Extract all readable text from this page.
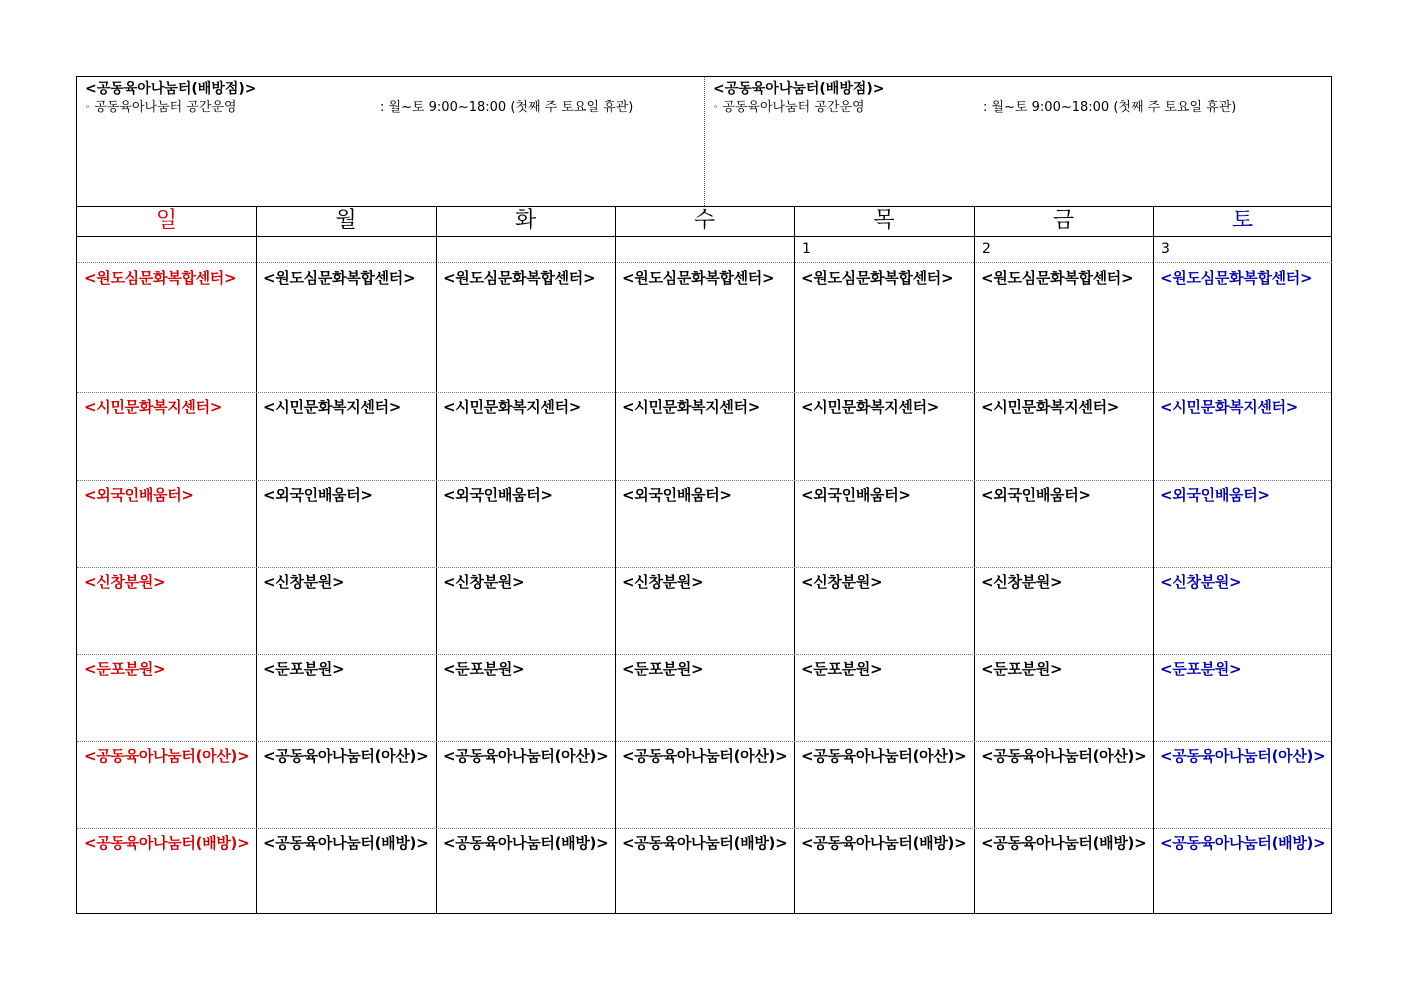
<공동육아나눔터(배방점)>
◦ 공동육아나눔터 공간운영	: 월~토 9:00~18:00 (첫째 주 토요일 휴관)
<공동육아나눔터(배방점)>
◦ 공동육아나눔터 공간운영	: 월~토 9:00~18:00 (첫째 주 토요일 휴관)
일
<원도심문화복합센터>
<시민문화복지센터>
<외국인배움터>
<신창분원>
<둔포분원>
<공동육아나눔터(아산)>
<공동육아나눔터(배방)>
월
<원도심문화복합센터>
<시민문화복지센터>
<외국인배움터>
<신창분원>
<둔포분원>
<공동육아나눔터(아산)>
<공동육아나눔터(배방)>
화
<원도심문화복합센터>
<시민문화복지센터>
<외국인배움터>
<신창분원>
<둔포분원>
<공동육아나눔터(아산)>
<공동육아나눔터(배방)>
수
<원도심문화복합센터>
<시민문화복지센터>
<외국인배움터>
<신창분원>
<둔포분원>
<공동육아나눔터(아산)>
<공동육아나눔터(배방)>
목
1
<원도심문화복합센터>
<시민문화복지센터>
<외국인배움터>
<신창분원>
<둔포분원>
<공동육아나눔터(아산)>
<공동육아나눔터(배방)>
금
2
<원도심문화복합센터>
<시민문화복지센터>
<외국인배움터>
<신창분원>
<둔포분원>
<공동육아나눔터(아산)>
<공동육아나눔터(배방)>
토
3
<원도심문화복합센터>
<시민문화복지센터>
<외국인배움터>
<신창분원>
<둔포분원>
<공동육아나눔터(아산)>
<공동육아나눔터(배방)>
